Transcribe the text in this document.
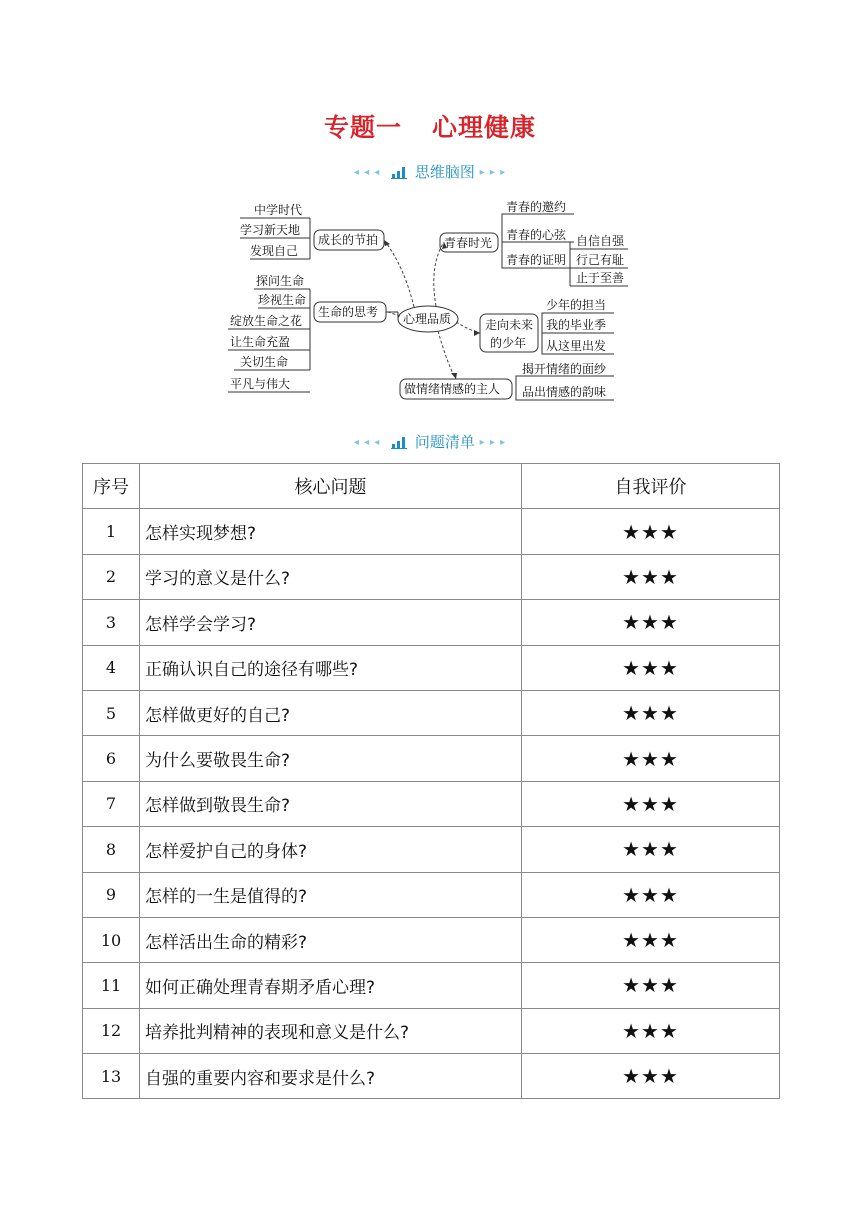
专题一 心理健康
◂ ◂ ◂ 思维脑图 ▸ ▸ ▸
中学时代
学习新天地
发现自己
成长的节拍
探问生命
珍视生命
绽放生命之花
让生命充盈
关切生命
平凡与伟大
生命的思考 心理品质
青春时光
青春的邀约
青春的心弦
青春的证明
自信自强
行己有耻
止于至善
走向未来
的少年
少年的担当
我的毕业季
从这里出发
做情绪情感的主人
揭开情绪的面纱
品出情感的韵味
◂ ◂ ◂ 问题清单 ▸ ▸ ▸
序号	核心问题	自我评价
1	怎样实现梦想?	★★★
2	学习的意义是什么?	★★★
3	怎样学会学习?	★★★
4	正确认识自己的途径有哪些?	★★★
5	怎样做更好的自己?	★★★
6	为什么要敬畏生命?	★★★
7	怎样做到敬畏生命?	★★★
8	怎样爱护自己的身体?	★★★
9	怎样的一生是值得的?	★★★
10	怎样活出生命的精彩?	★★★
11	如何正确处理青春期矛盾心理?	★★★
12	培养批判精神的表现和意义是什么?	★★★
13	自强的重要内容和要求是什么?	★★★
